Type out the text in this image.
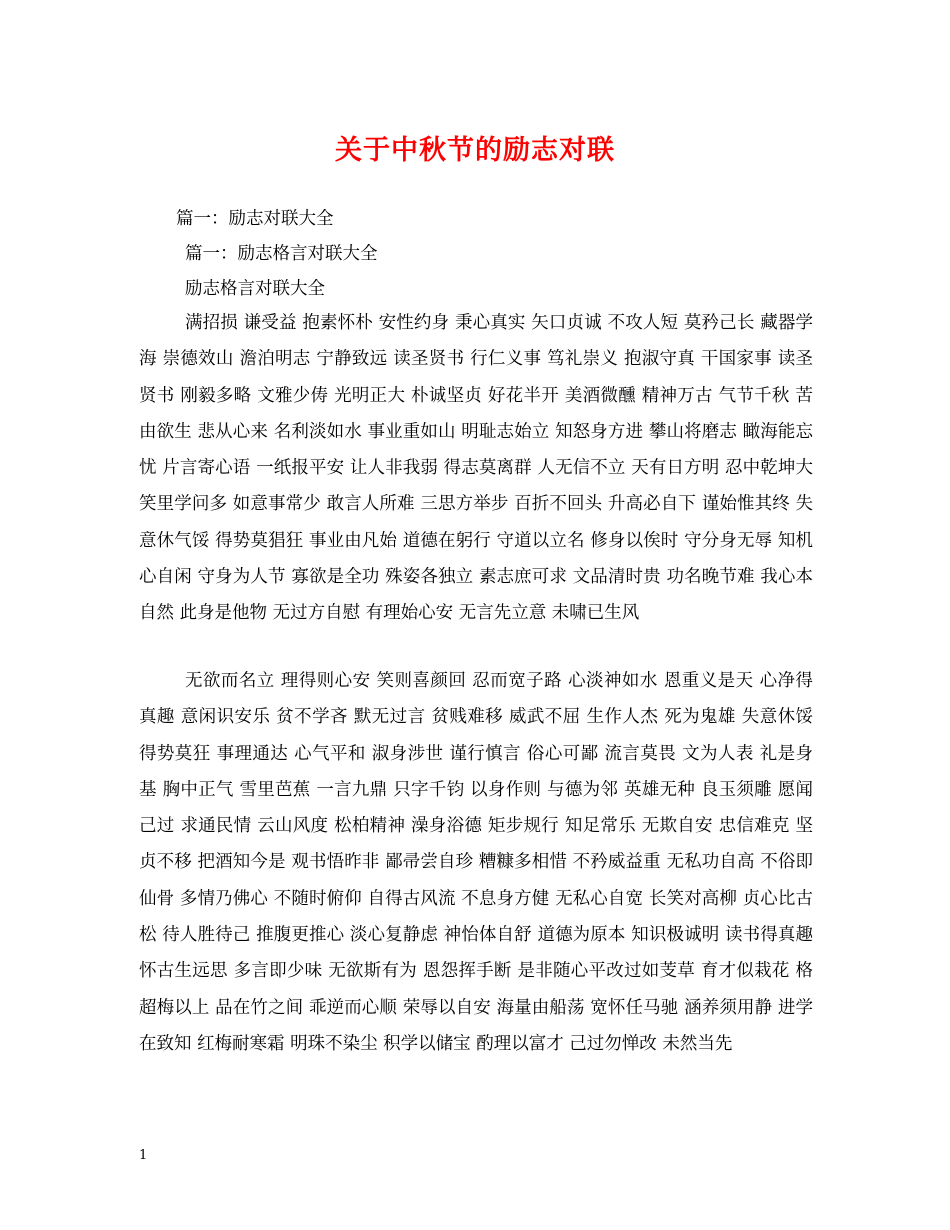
关于中秋节的励志对联
篇一：励志对联大全
篇一：励志格言对联大全
励志格言对联大全
满招损 谦受益 抱素怀朴 安性约身 秉心真实 矢口贞诚 不攻人短 莫矜己长 藏器学海 崇德效山 澹泊明志 宁静致远 读圣贤书 行仁义事 笃礼崇义 抱淑守真 干国家事 读圣贤书 刚毅多略 文雅少俦 光明正大 朴诚坚贞 好花半开 美酒微醺 精神万古 气节千秋 苦由欲生 悲从心来 名利淡如水 事业重如山 明耻志始立 知怒身方进 攀山将磨志 瞰海能忘忧 片言寄心语 一纸报平安 让人非我弱 得志莫离群 人无信不立 天有日方明 忍中乾坤大 笑里学问多 如意事常少 敢言人所难 三思方举步 百折不回头 升高必自下 谨始惟其终 失意休气馁 得势莫猖狂 事业由凡始 道德在躬行 守道以立名 修身以俟时 守分身无辱 知机心自闲 守身为人节 寡欲是全功 殊姿各独立 素志庶可求 文品清时贵 功名晚节难 我心本自然 此身是他物 无过方自慰 有理始心安 无言先立意 未啸已生风
无欲而名立 理得则心安 笑则喜颜回 忍而宽子路 心淡神如水 恩重义是天 心净得真趣 意闲识安乐 贫不学吝 默无过言 贫贱难移 威武不屈 生作人杰 死为鬼雄 失意休馁 得势莫狂 事理通达 心气平和 淑身涉世 谨行慎言 俗心可鄙 流言莫畏 文为人表 礼是身基 胸中正气 雪里芭蕉 一言九鼎 只字千钧 以身作则 与德为邻 英雄无种 良玉须雕 愿闻己过 求通民情 云山风度 松柏精神 澡身浴德 矩步规行 知足常乐 无欺自安 忠信难克 坚贞不移 把酒知今是 观书悟昨非 鄙帚尝自珍 糟糠多相惜 不矜威益重 无私功自高 不俗即仙骨 多情乃佛心 不随时俯仰 自得古风流 不息身方健 无私心自宽 长笑对高柳 贞心比古松 待人胜待己 推腹更推心 淡心复静虑 神怡体自舒 道德为原本 知识极诚明 读书得真趣 怀古生远思 多言即少味 无欲斯有为 恩怨挥手断 是非随心平改过如芰草 育才似栽花 格超梅以上 品在竹之间 乖逆而心顺 荣辱以自安 海量由船荡 宽怀任马驰 涵养须用静 进学在致知 红梅耐寒霜 明珠不染尘 积学以储宝 酌理以富才 己过勿惮改 未然当先
1
